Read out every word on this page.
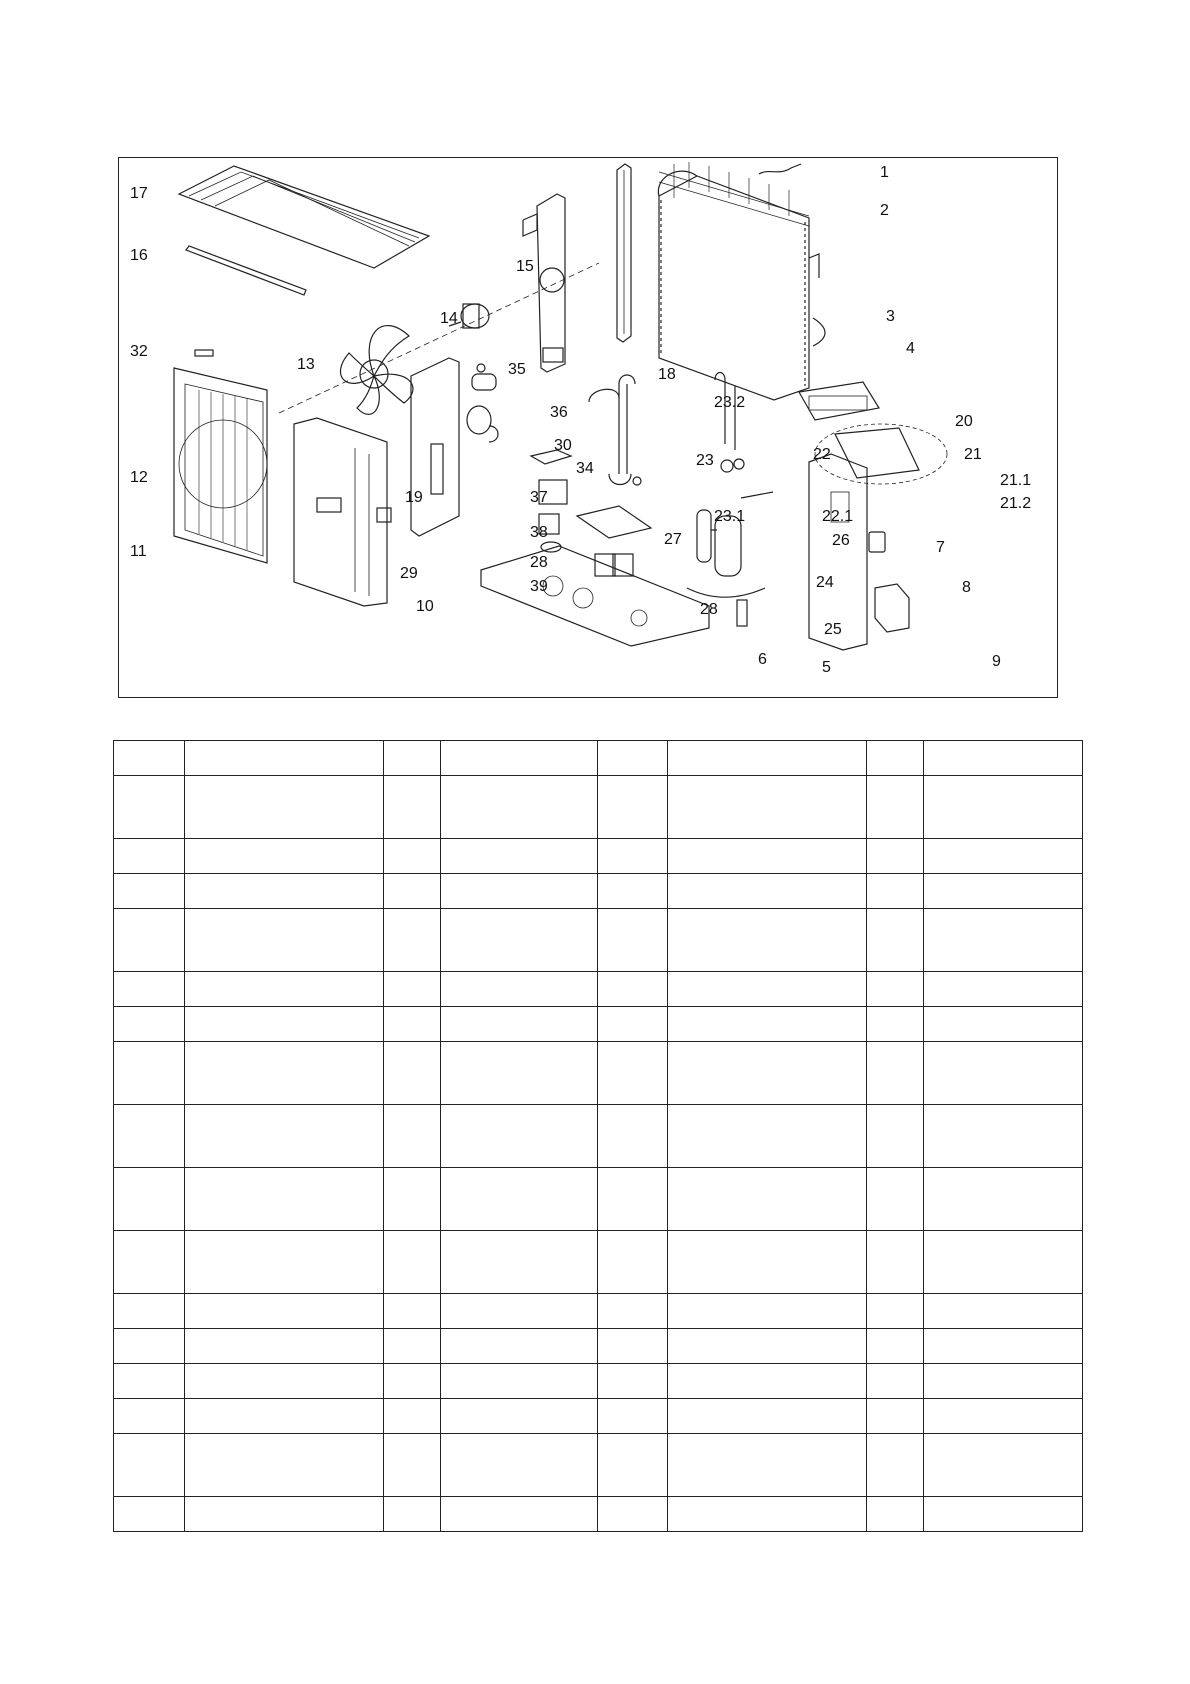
17
16
32
13
14
15
18
1
2
3
4
12
11
10
29
19
35
36
30
34
37
38
28
39
27
23.2
23
23.1
22
22.1
26
24
25
20
21
21.1
21.2
7
8
9
5
6
28
